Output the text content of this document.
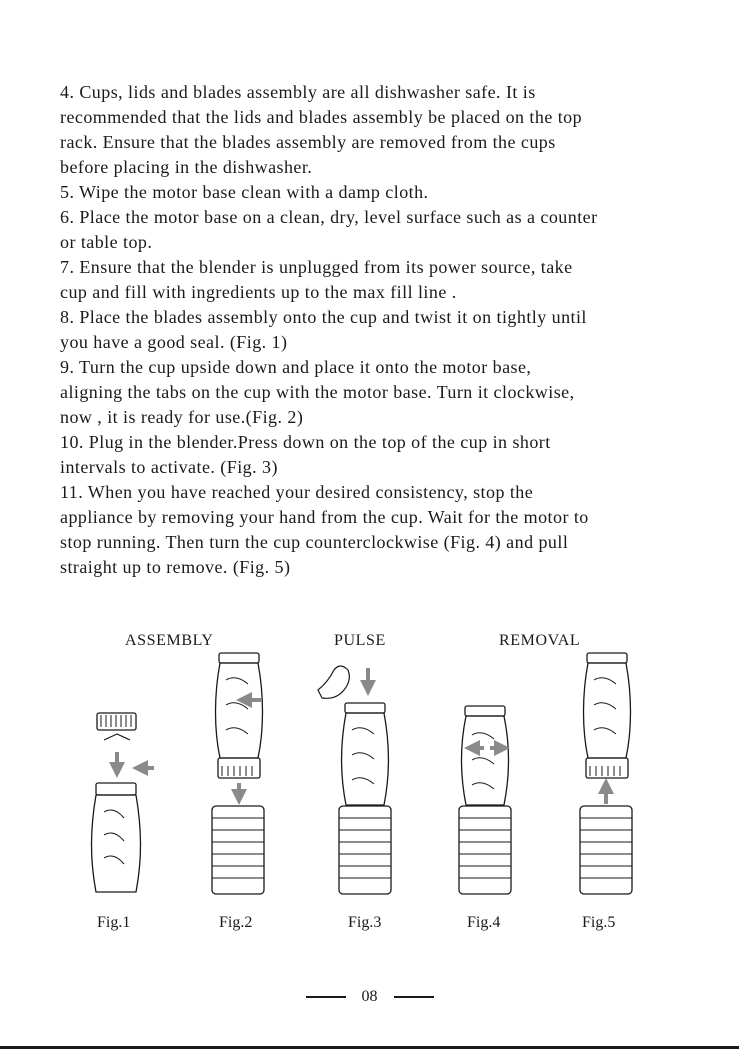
4. Cups, lids and blades assembly are all dishwasher safe. It is
recommended that the lids and blades assembly be placed on the top
rack. Ensure that the blades assembly are removed from the cups
before placing in the dishwasher.
5. Wipe the motor base clean with a damp cloth.
6. Place the motor base on a clean, dry, level surface such as a counter
or table top.
7. Ensure that the blender is unplugged from its power source, take
cup and fill with ingredients up to the max fill line .
8. Place the blades assembly onto the cup and twist it on tightly until
you have a good seal. (Fig. 1)
9. Turn the cup upside down and place it onto the motor base,
aligning the tabs on the cup with the motor base. Turn it clockwise,
now , it is ready for use.(Fig. 2)
10. Plug in the blender.Press down on the top of the cup in short
intervals to activate. (Fig. 3)
11. When you have reached your desired consistency, stop the
appliance by removing your hand from the cup. Wait for the motor to
stop running. Then turn the cup counterclockwise (Fig. 4) and pull
straight up to remove. (Fig. 5)
ASSEMBLY	PULSE	REMOVAL
Fig.1	Fig.2	Fig.3	Fig.4	Fig.5
08
